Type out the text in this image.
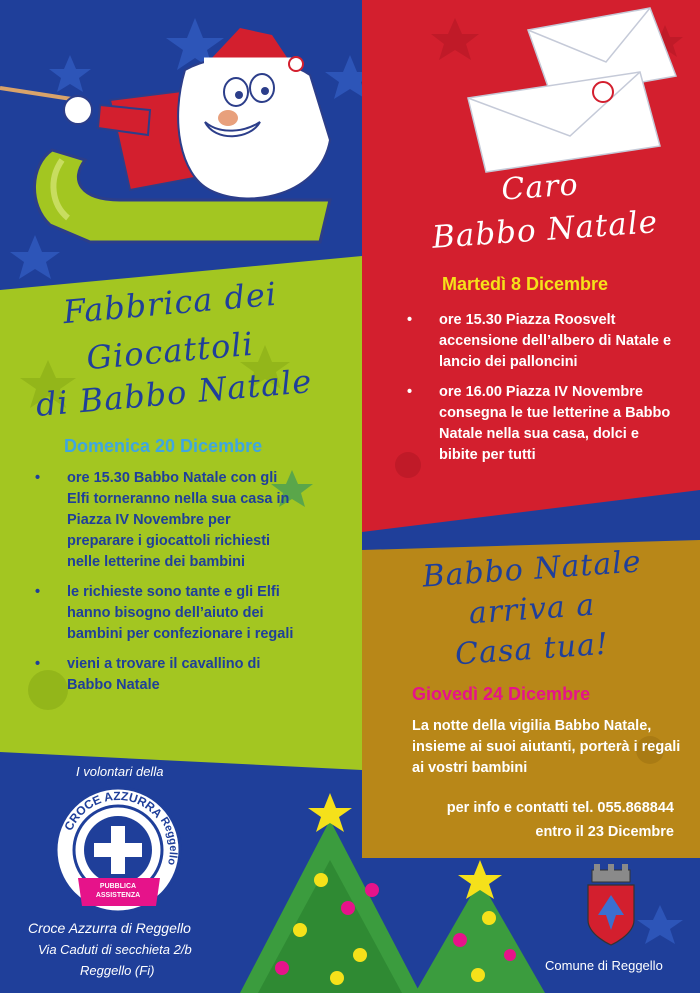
Caro
Babbo Natale
Martedì 8 Dicembre
• ore 15.30 Piazza Roosvelt accensione dell’albero di Natale e lancio dei palloncini
• ore 16.00 Piazza IV Novembre consegna le tue letterine a Babbo Natale nella sua casa, dolci e bibite per tutti
Fabbrica dei
Giocattoli
di Babbo Natale
Domenica 20 Dicembre
• ore 15.30 Babbo Natale con gli Elfi torneranno nella sua casa in Piazza IV Novembre per preparare i giocattoli richiesti nelle letterine dei bambini
• le richieste sono tante e gli Elfi hanno bisogno dell’aiuto dei bambini per confezionare i regali
• vieni a trovare il cavallino di Babbo Natale
Babbo Natale
arriva a
Casa tua!
Giovedì 24 Dicembre
La notte della vigilia Babbo Natale, insieme ai suoi aiutanti, porterà i regali ai vostri bambini
per info e contatti tel. 055.868844
entro il 23 Dicembre
I volontari della
CROCE AZZURRA
Reggello
PUBBLICA
ASSISTENZA
Croce Azzurra di Reggello
Via Caduti di secchieta 2/b
Reggello (Fi)	Comune di Reggello
